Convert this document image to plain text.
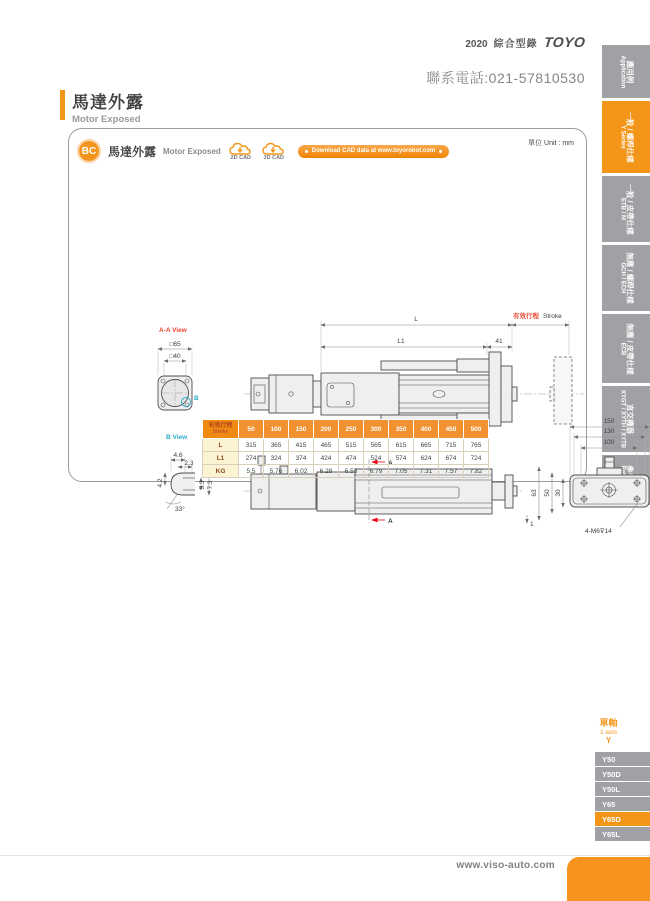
2020 綜合型錄 TOYO
聯系電話:021-57810530	應用例
Application
一般 / 螺桿仕樣
Y Series
一般 / 皮帶仕樣
ETB / M
無塵 / 螺桿仕樣
GCH / ECH
無塵 / 皮帶仕樣
ECB
直交機器
XYGT / XYTH / XYTB
馬達外露
Motor Exposed
BC 馬達外露 Motor Exposed
2D CAD 3D CAD
Download CAD data at www.toyorobot.com
單位 Unit : mm
A-A View
□65
□40
B
B View
4.6
2.3
4.2	5.3 7.3
33°
L	有效行程 Stroke
L1	41
A
A
150
130
100
63 50 30
1
4-M6⊽14
有效行程
Stroke	50	100	150	200	250	300	350	400	450	500
L	315	365	415	465	515	565	615	665	715	765
L1	274	324	374	424	474	524	574	624	674	724
KG	5.5	5.76	6.02	6.28	6.53	6.79	7.05	7.31	7.57	7.82
單軸
1 axis
Y
Y50
Y50D
Y50L
Y65
Y65D
Y65L
www.viso-auto.com
